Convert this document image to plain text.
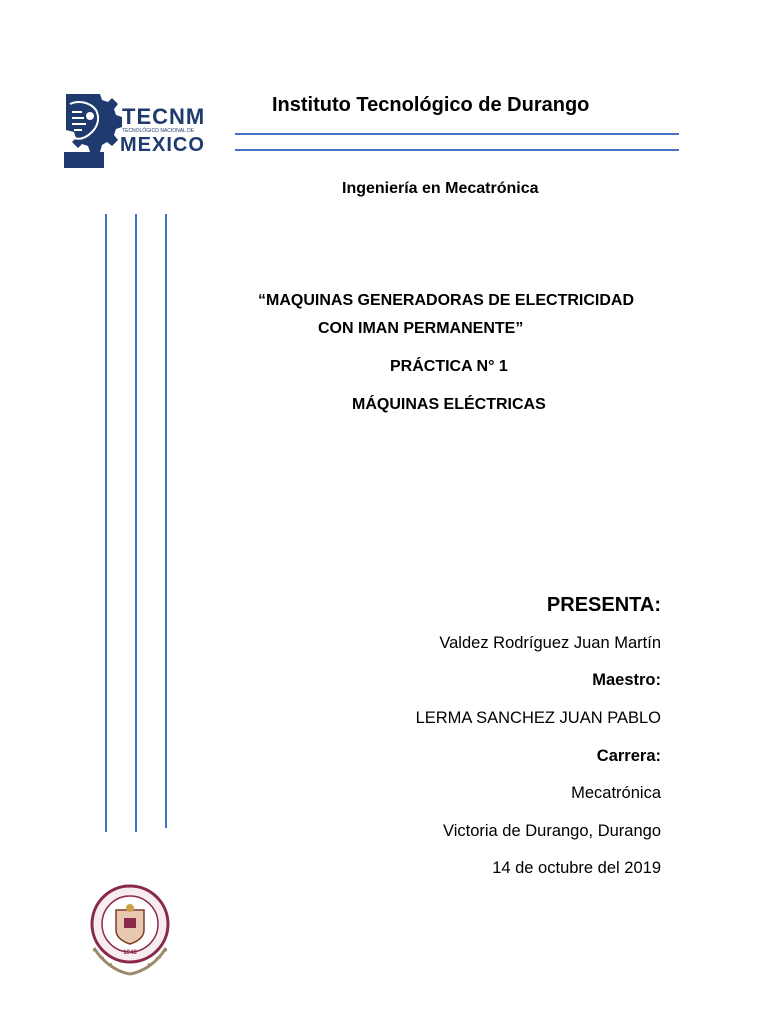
TECNM
TECNOLÓGICO NACIONAL DE
MEXICO
Instituto Tecnológico de Durango
Ingeniería en Mecatrónica
“MAQUINAS GENERADORAS DE ELECTRICIDAD
CON IMAN PERMANENTE”
PRÁCTICA N° 1
MÁQUINAS ELÉCTRICAS
PRESENTA:
Valdez Rodríguez Juan Martín
Maestro:
LERMA SANCHEZ JUAN PABLO
Carrera:
Mecatrónica
Victoria de Durango, Durango
14 de octubre del 2019
1948
